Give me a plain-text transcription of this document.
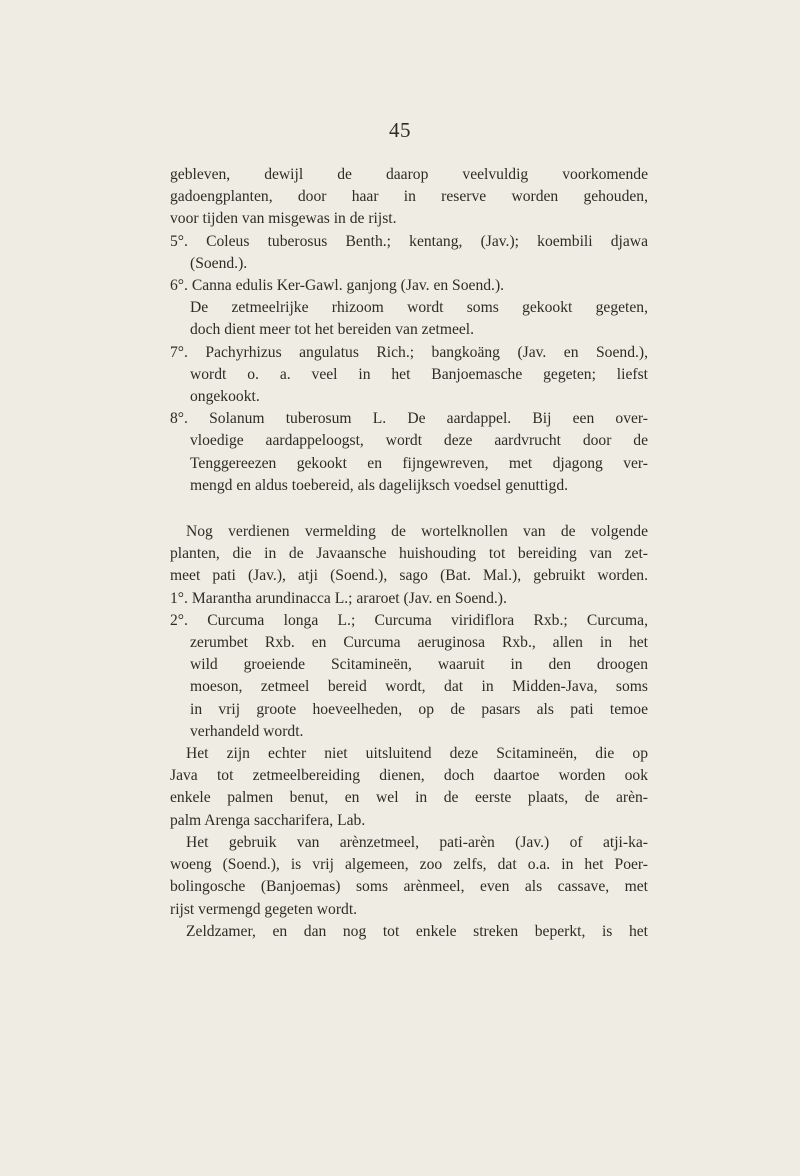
45
gebleven, dewijl de daarop veelvuldig voorkomende
gadoengplanten, door haar in reserve worden gehouden,
voor tijden van misgewas in de rijst.
5°. Coleus tuberosus Benth.; kentang, (Jav.); koembili djawa
(Soend.).
6°. Canna edulis Ker-Gawl. ganjong (Jav. en Soend.).
De zetmeelrijke rhizoom wordt soms gekookt gegeten,
doch dient meer tot het bereiden van zetmeel.
7°. Pachyrhizus angulatus Rich.; bangkoäng (Jav. en Soend.),
wordt o. a. veel in het Banjoemasche gegeten; liefst
ongekookt.
8°. Solanum tuberosum L. De aardappel. Bij een over-
vloedige aardappeloogst, wordt deze aardvrucht door de
Tenggereezen gekookt en fijngewreven, met djagong ver-
mengd en aldus toebereid, als dagelijksch voedsel genuttigd.
Nog verdienen vermelding de wortelknollen van de volgende
planten, die in de Javaansche huishouding tot bereiding van zet-
meet pati (Jav.), atji (Soend.), sago (Bat. Mal.), gebruikt worden.
1°. Marantha arundinacca L.; araroet (Jav. en Soend.).
2°. Curcuma longa L.; Curcuma viridiflora Rxb.; Curcuma,
zerumbet Rxb. en Curcuma aeruginosa Rxb., allen in het
wild groeiende Scitamineën, waaruit in den droogen
moeson, zetmeel bereid wordt, dat in Midden-Java, soms
in vrij groote hoeveelheden, op de pasars als pati temoe
verhandeld wordt.
Het zijn echter niet uitsluitend deze Scitamineën, die op
Java tot zetmeelbereiding dienen, doch daartoe worden ook
enkele palmen benut, en wel in de eerste plaats, de arèn-
palm Arenga saccharifera, Lab.
Het gebruik van arènzetmeel, pati-arèn (Jav.) of atji-ka-
woeng (Soend.), is vrij algemeen, zoo zelfs, dat o.a. in het Poer-
bolingosche (Banjoemas) soms arènmeel, even als cassave, met
rijst vermengd gegeten wordt.
Zeldzamer, en dan nog tot enkele streken beperkt, is het
